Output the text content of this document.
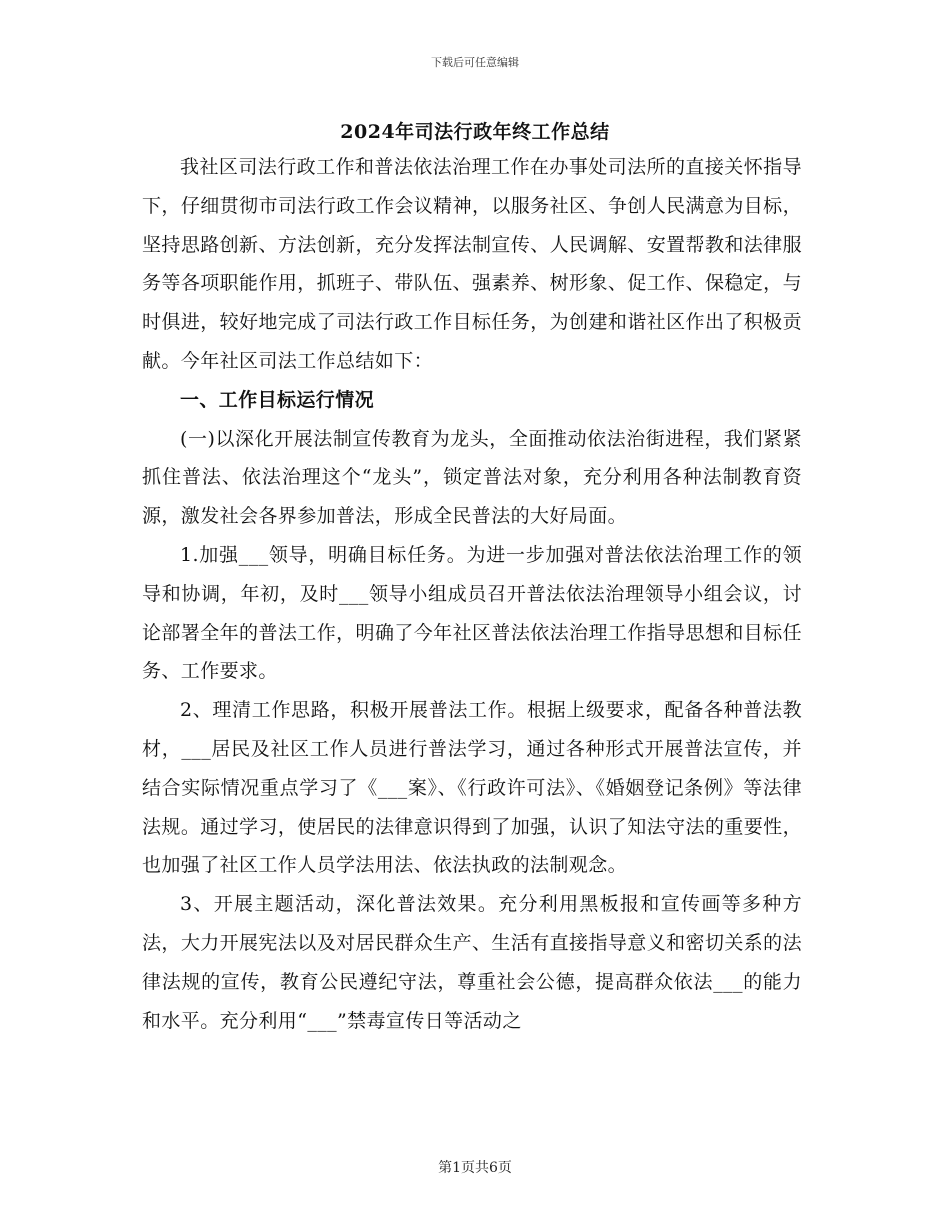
下载后可任意编辑
2024年司法行政年终工作总结

我社区司法行政工作和普法依法治理工作在办事处司法所的直接关怀指导下，仔细贯彻市司法行政工作会议精神，以服务社区、争创人民满意为目标，坚持思路创新、方法创新，充分发挥法制宣传、人民调解、安置帮教和法律服务等各项职能作用，抓班子、带队伍、强素养、树形象、促工作、保稳定，与时俱进，较好地完成了司法行政工作目标任务，为创建和谐社区作出了积极贡献。今年社区司法工作总结如下：

一、工作目标运行情况

(一)以深化开展法制宣传教育为龙头，全面推动依法治街进程，我们紧紧抓住普法、依法治理这个“龙头”，锁定普法对象，充分利用各种法制教育资源，激发社会各界参加普法，形成全民普法的大好局面。

1.加强___领导，明确目标任务。为进一步加强对普法依法治理工作的领导和协调，年初，及时___领导小组成员召开普法依法治理领导小组会议，讨论部署全年的普法工作，明确了今年社区普法依法治理工作指导思想和目标任务、工作要求。

2、理清工作思路，积极开展普法工作。根据上级要求，配备各种普法教材，___居民及社区工作人员进行普法学习，通过各种形式开展普法宣传，并结合实际情况重点学习了《___案》、《行政许可法》、《婚姻登记条例》等法律法规。通过学习，使居民的法律意识得到了加强，认识了知法守法的重要性，也加强了社区工作人员学法用法、依法执政的法制观念。

3、开展主题活动，深化普法效果。充分利用黑板报和宣传画等多种方法，大力开展宪法以及对居民群众生产、生活有直接指导意义和密切关系的法律法规的宣传，教育公民遵纪守法，尊重社会公德，提高群众依法___的能力和水平。充分利用“___”禁毒宣传日等活动之

第1页共6页
